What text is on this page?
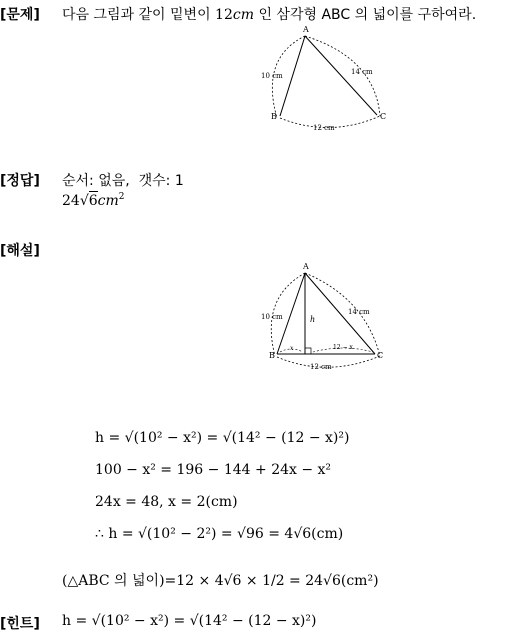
[문제] 다음 그림과 같이 밑변이 12cm 인 삼각형 ABC 의 넓이를 구하여라.
A
B	C
10 cm	14 cm
12 cm
[정답] 순서: 없음,  갯수: 1
$24√6cm^2$
[해설]
A
B	C
10 cm
14 cm
12 cm
h
x	12 − x
h = √(10² − x²) = √(14² − (12 − x)²)
100 − x² = 196 − 144 + 24x − x²
24x = 48, x = 2(cm)
∴ h = √(10² − 2²) = √96 = 4√6(cm)
(△ABC 의 넓이)=12 × 4√6 × 1/2 = 24√6(cm²)
[힌트] h = √(10² − x²) = √(14² − (12 − x)²)
